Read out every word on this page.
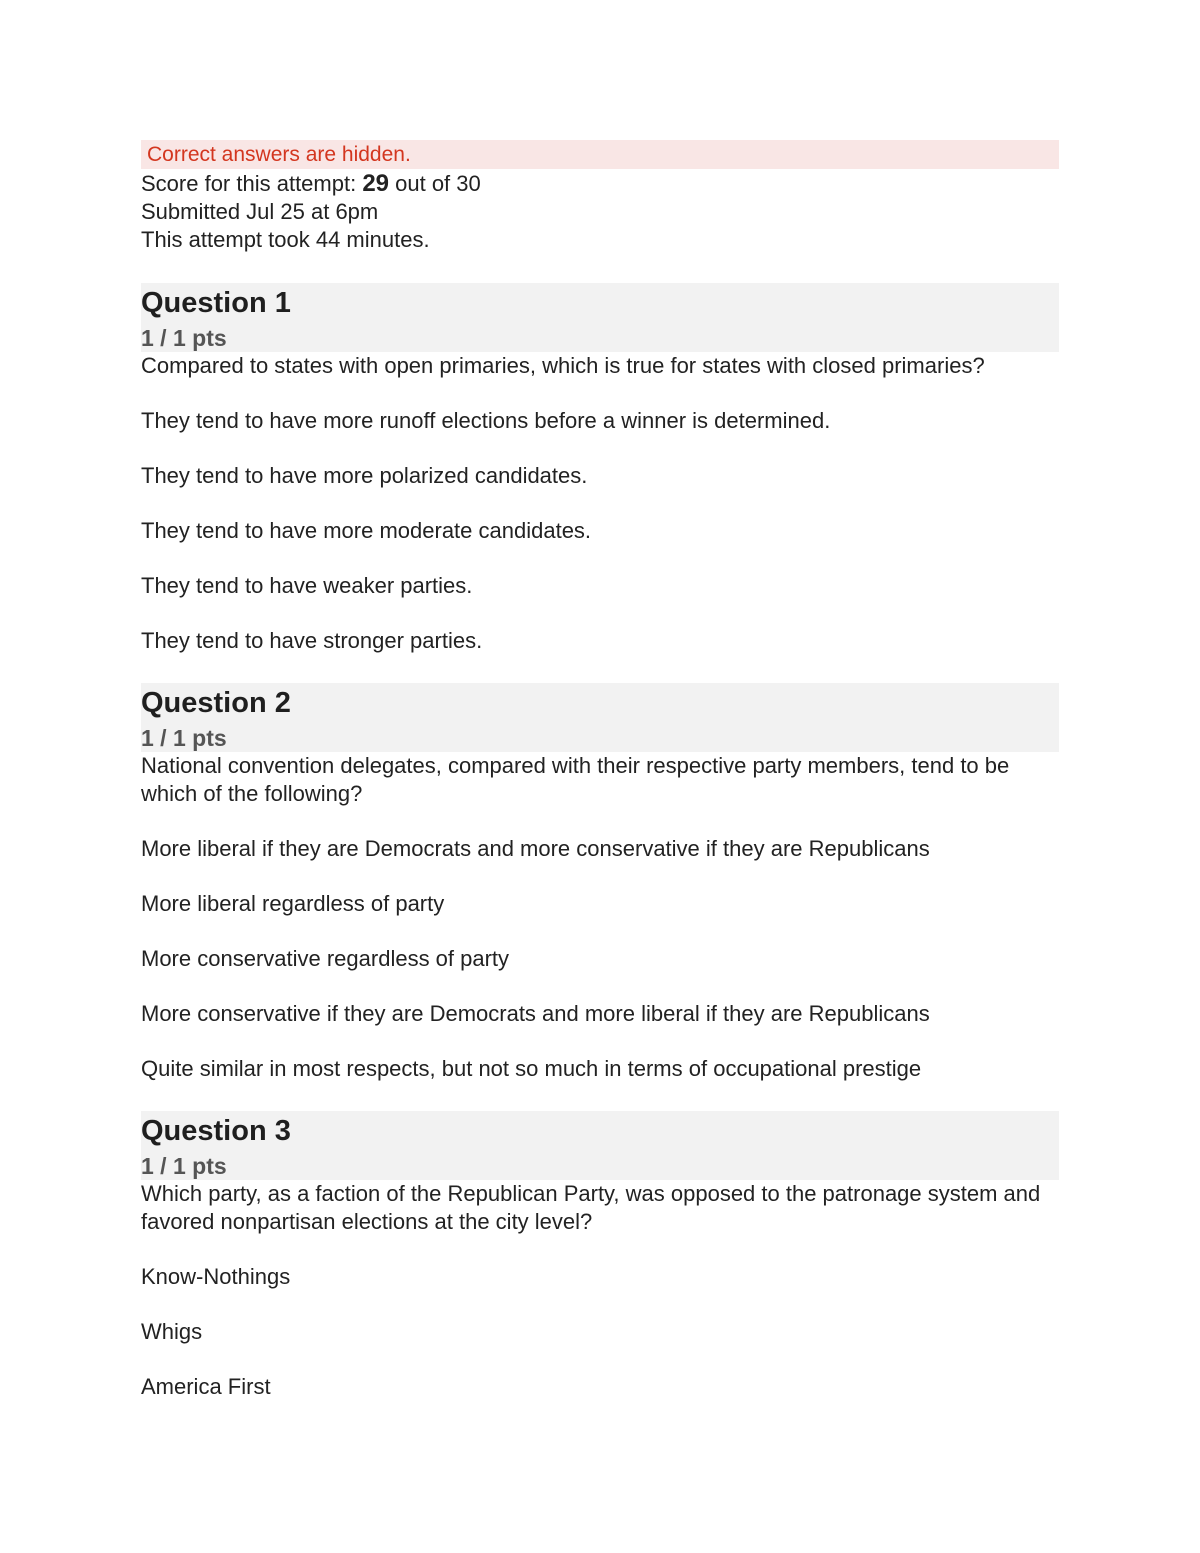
Correct answers are hidden.
Score for this attempt: 29 out of 30
Submitted Jul 25 at 6pm
This attempt took 44 minutes.
Question 1
1 / 1 pts

Compared to states with open primaries, which is true for states with closed primaries?

They tend to have more runoff elections before a winner is determined.
They tend to have more polarized candidates.
They tend to have more moderate candidates.
They tend to have weaker parties.
They tend to have stronger parties.
Question 2
1 / 1 pts

National convention delegates, compared with their respective party members, tend to be which of the following?

More liberal if they are Democrats and more conservative if they are Republicans
More liberal regardless of party
More conservative regardless of party
More conservative if they are Democrats and more liberal if they are Republicans
Quite similar in most respects, but not so much in terms of occupational prestige
Question 3
1 / 1 pts

Which party, as a faction of the Republican Party, was opposed to the patronage system and favored nonpartisan elections at the city level?

Know-Nothings
Whigs
America First
